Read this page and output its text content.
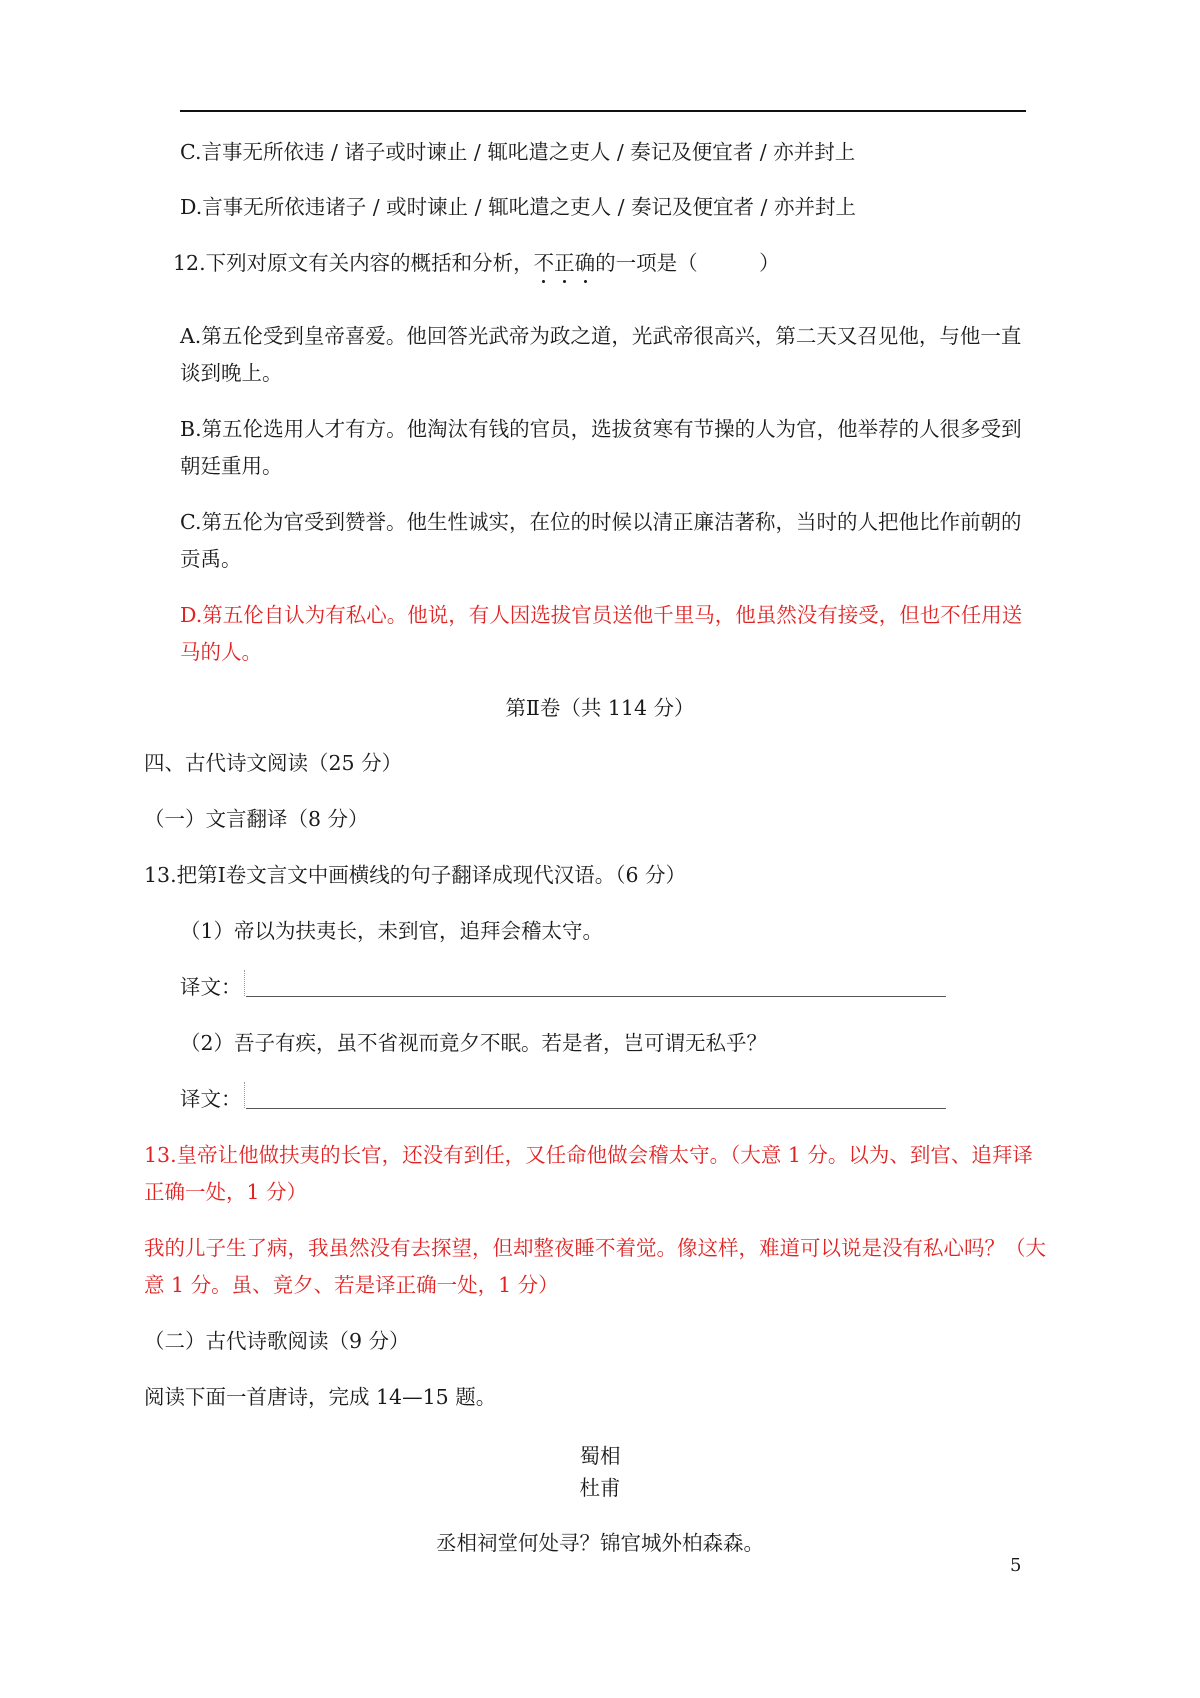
C.言事无所依违 / 诸子或时谏止 / 辄叱遣之吏人 / 奏记及便宜者 / 亦并封上
D.言事无所依违诸子 / 或时谏止 / 辄叱遣之吏人 / 奏记及便宜者 / 亦并封上
12.下列对原文有关内容的概括和分析，不正确
的一项是（　　　）
A.第五伦受到皇帝喜爱。他回答光武帝为政之道，光武帝很高兴，第二天又召见他，与他一直
谈到晚上。
B.第五伦选用人才有方。他淘汰有钱的官员，选拔贫寒有节操的人为官，他举荐的人很多受到
朝廷重用。
C.第五伦为官受到赞誉。他生性诚实，在位的时候以清正廉洁著称，当时的人把他比作前朝的
贡禹。
D.第五伦自认为有私心。他说，有人因选拔官员送他千里马，他虽然没有接受，但也不任用送
马的人。
第Ⅱ卷（共 114 分）
四、古代诗文阅读（25 分）
（一）文言翻译（8 分）
13.把第Ⅰ卷文言文中画横线的句子翻译成现代汉语。（6 分）
（1）帝以为扶夷长，未到官，追拜会稽太守。
译文：
（2）吾子有疾，虽不省视而竟夕不眠。若是者，岂可谓无私乎？
译文：
13.皇帝让他做扶夷的长官，还没有到任，又任命他做会稽太守。（大意 1 分。以为、到官、追拜译
正确一处，1 分）
我的儿子生了病，我虽然没有去探望，但却整夜睡不着觉。像这样，难道可以说是没有私心吗？（大
意 1 分。虽、竟夕、若是译正确一处，1 分）
（二）古代诗歌阅读（9 分）
阅读下面一首唐诗，完成 14—15 题。
蜀相
杜甫
丞相祠堂何处寻？锦官城外柏森森。
5
